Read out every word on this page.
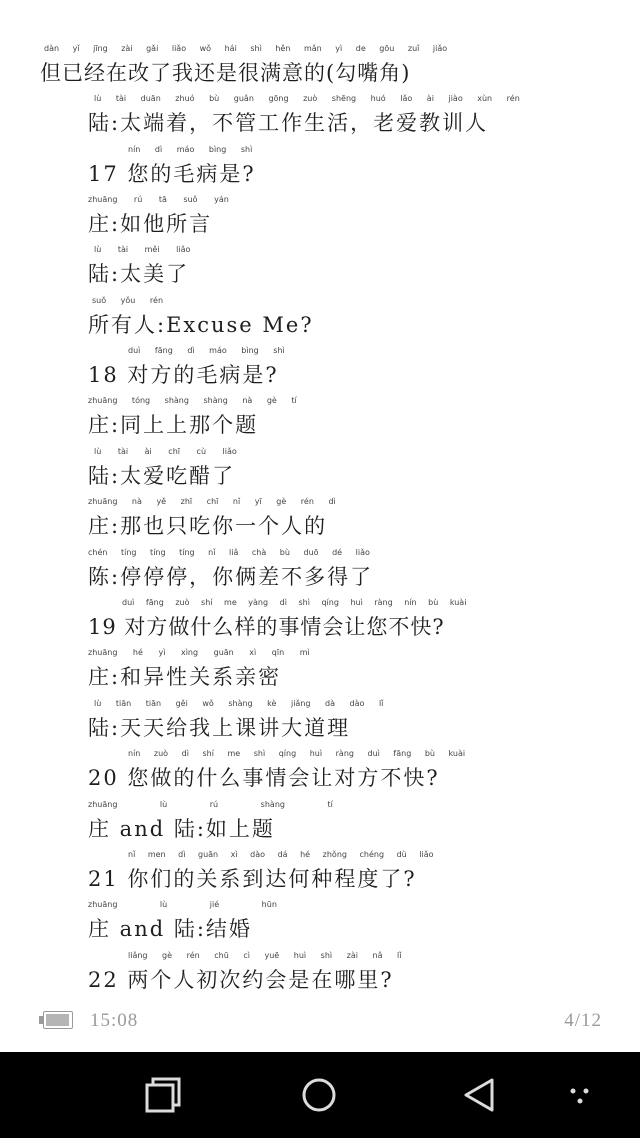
dàn yǐ jīng zài gǎi liǎo wǒ hái shì hěn mǎn yì de gōu zuǐ jiǎo
但已经在改了我还是很满意的(勾嘴角)
lù tài duān zhuó bù guǎn gōng zuò shēng huó lǎo ài jiào xùn rén
陆:太端着，不管工作生活，老爱教训人
nín dì máo bìng shì
17 您的毛病是?
zhuāng rú tā suǒ yán
庄:如他所言
lù tài měi liǎo
陆:太美了
suǒ yǒu rén
所有人:Excuse Me?
duì fāng dì máo bìng shì
18 对方的毛病是?
zhuāng tóng shàng shàng nà gè tí
庄:同上上那个题
lù tài ài chī cù liǎo
陆:太爱吃醋了
zhuāng nà yě zhī chī nǐ yī gè rén dì
庄:那也只吃你一个人的
chén tíng tíng tíng nǐ liǎ chà bù duō dé liǎo
陈:停停停，你俩差不多得了
duì fāng zuò shí me yàng dì shì qíng huì ràng nín bù kuài
19 对方做什么样的事情会让您不快?
zhuāng hé yì xìng guān xì qīn mì
庄:和异性关系亲密
lù tiān tiān gěi wǒ shàng kè jiǎng dà dào lǐ
陆:天天给我上课讲大道理
nín zuò dì shí me shì qíng huì ràng duì fāng bù kuài
20 您做的什么事情会让对方不快?
zhuāng lù rú shàng tí
庄 and 陆:如上题
nǐ men dì guān xì dào dá hé zhǒng chéng dù liǎo
21 你们的关系到达何种程度了?
zhuāng lù jié hūn
庄 and 陆:结婚
liǎng gè rén chū cì yuē huì shì zài nǎ lǐ
22 两个人初次约会是在哪里?
15:08	4/12
